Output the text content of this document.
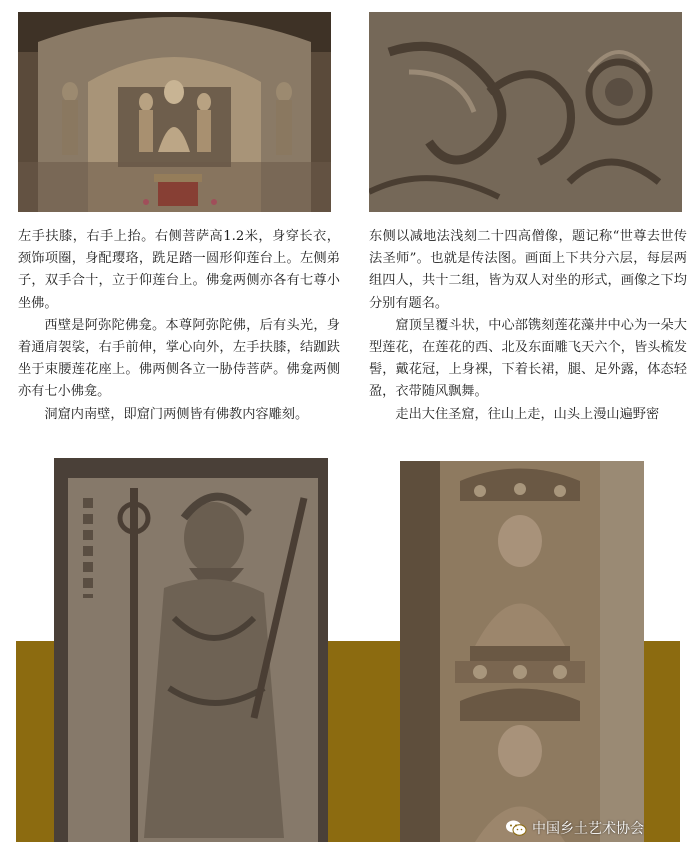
左手扶膝，右手上抬。右侧菩萨高1.2米，身穿长衣，颈饰项圈，身配璎珞，跣足踏一圆形仰莲台上。左侧弟子，双手合十，立于仰莲台上。佛龛两侧亦各有七尊小坐佛。

西壁是阿弥陀佛龛。本尊阿弥陀佛，后有头光，身着通肩袈裟，右手前伸，掌心向外，左手扶膝，结跏趺坐于束腰莲花座上。佛两侧各立一胁侍菩萨。佛龛两侧亦有七小佛龛。

洞窟内南壁，即窟门两侧皆有佛教内容雕刻。

东侧以减地法浅刻二十四高僧像，题记称“世尊去世传法圣师”。也就是传法图。画面上下共分六层，每层两组四人，共十二组，皆为双人对坐的形式，画像之下均分别有题名。

窟顶呈覆斗状，中心部镌刻莲花藻井中心为一朵大型莲花，在莲花的西、北及东面雕飞天六个，皆头梳发髻，戴花冠，上身裸，下着长裙，腿、足外露，体态轻盈，衣带随风飘舞。

走出大住圣窟，往山上走，山头上漫山遍野密

中国乡土艺术协会
